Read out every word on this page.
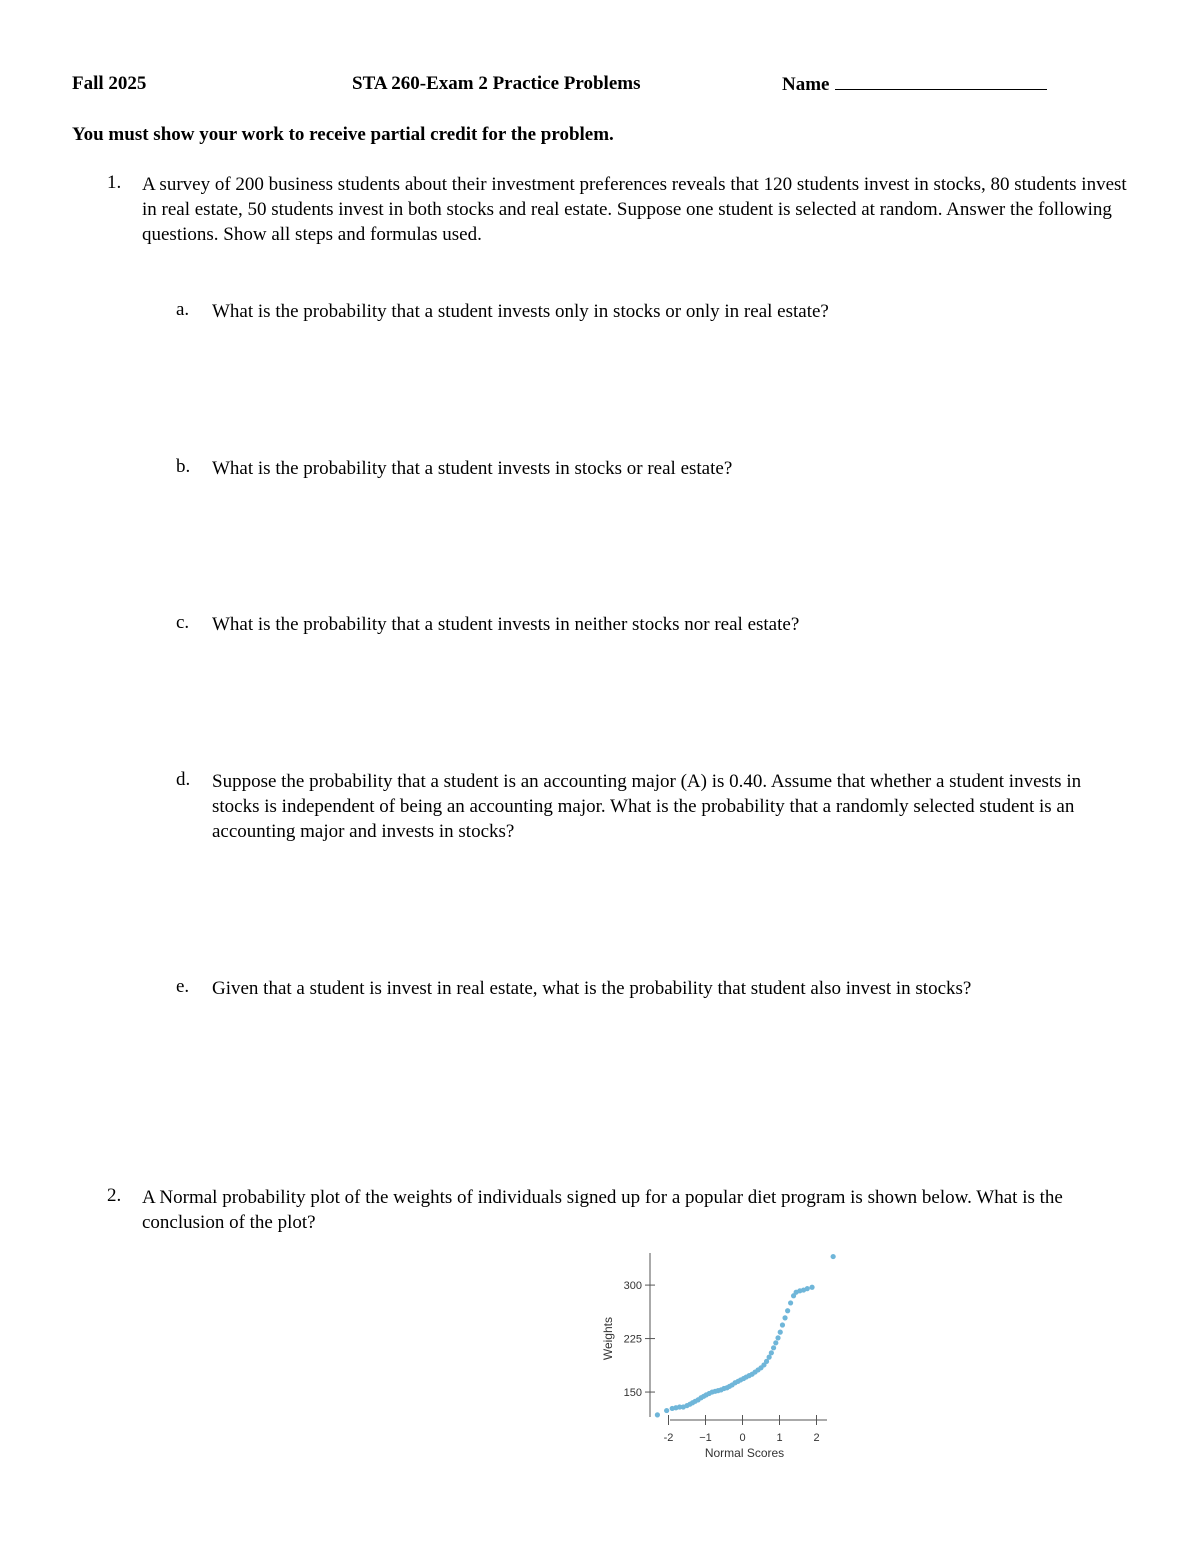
Fall 2025	STA 260-Exam 2 Practice Problems	Name
You must show your work to receive partial credit for the problem.
1. A survey of 200 business students about their investment preferences reveals that 120 students invest in stocks, 80 students invest in real estate, 50 students invest in both stocks and real estate. Suppose one student is selected at random. Answer the following questions. Show all steps and formulas used.
a. What is the probability that a student invests only in stocks or only in real estate?
b. What is the probability that a student invests in stocks or real estate?
c. What is the probability that a student invests in neither stocks nor real estate?
d. Suppose the probability that a student is an accounting major (A) is 0.40. Assume that whether a student invests in stocks is independent of being an accounting major. What is the probability that a randomly selected student is an accounting major and invests in stocks?
e. Given that a student is invest in real estate, what is the probability that student also invest in stocks?
2. A Normal probability plot of the weights of individuals signed up for a popular diet program is shown below. What is the conclusion of the plot?
150
225
300
-2 −1	0	1	2
Normal Scores
Weights
